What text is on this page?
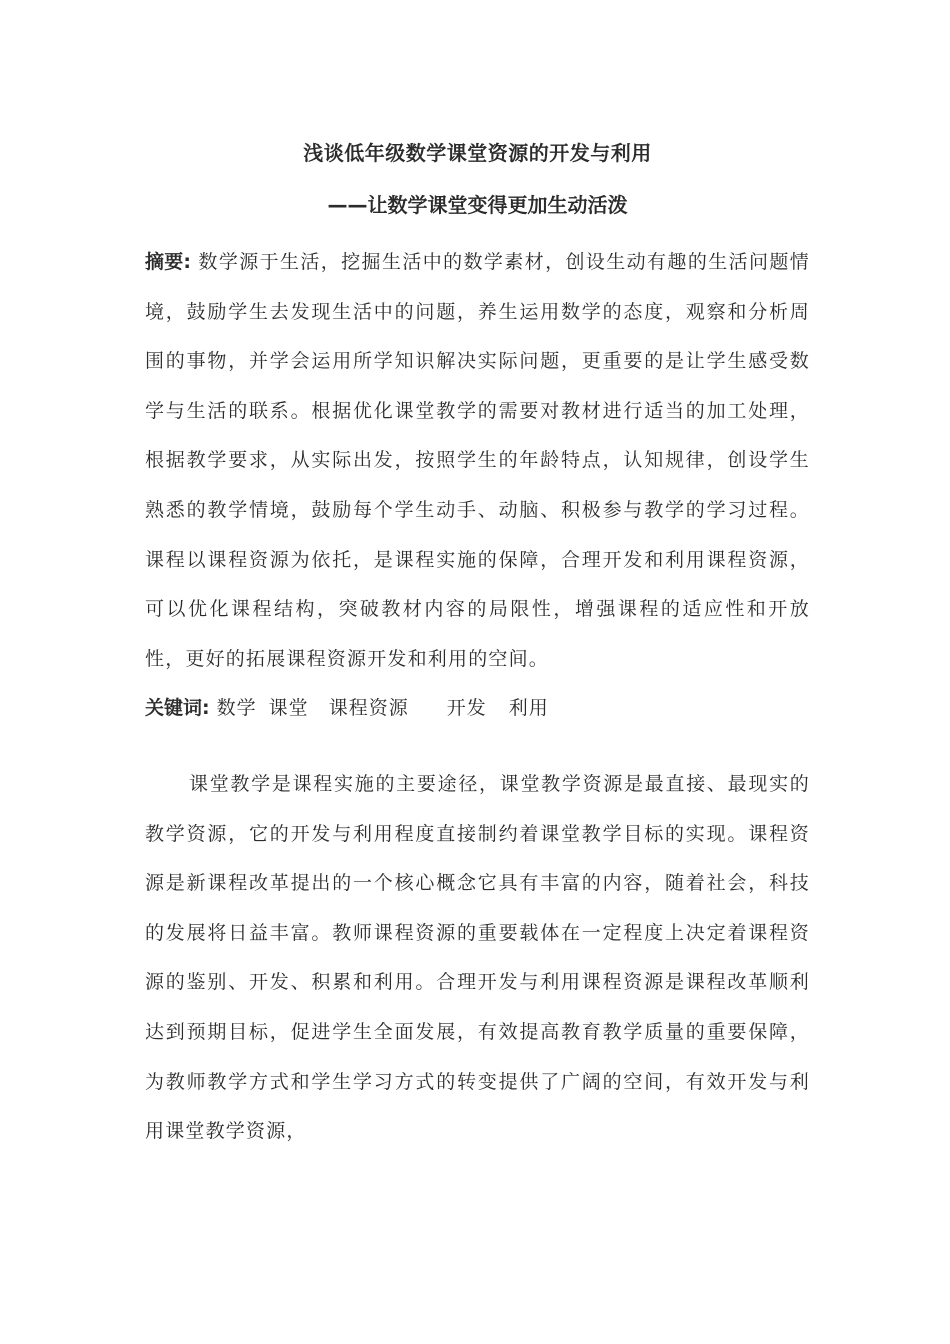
浅谈低年级数学课堂资源的开发与利用
——让数学课堂变得更加生动活泼
摘要: 数学源于生活，挖掘生活中的数学素材，创设生动有趣的生活问题情境，鼓励学生去发现生活中的问题，养生运用数学的态度，观察和分析周围的事物，并学会运用所学知识解决实际问题，更重要的是让学生感受数学与生活的联系。根据优化课堂教学的需要对教材进行适当的加工处理，根据教学要求，从实际出发，按照学生的年龄特点，认知规律，创设学生熟悉的教学情境，鼓励每个学生动手、动脑、积极参与教学的学习过程。课程以课程资源为依托，是课程实施的保障，合理开发和利用课程资源，可以优化课程结构，突破教材内容的局限性，增强课程的适应性和开放性，更好的拓展课程资源开发和利用的空间。
关键词: 数学 课堂 课程资源 开发 利用
课堂教学是课程实施的主要途径，课堂教学资源是最直接、最现实的教学资源，它的开发与利用程度直接制约着课堂教学目标的实现。课程资源是新课程改革提出的一个核心概念它具有丰富的内容，随着社会，科技的发展将日益丰富。教师课程资源的重要载体在一定程度上决定着课程资源的鉴别、开发、积累和利用。合理开发与利用课程资源是课程改革顺利达到预期目标，促进学生全面发展，有效提高教育教学质量的重要保障，为教师教学方式和学生学习方式的转变提供了广阔的空间，有效开发与利用课堂教学资源，
